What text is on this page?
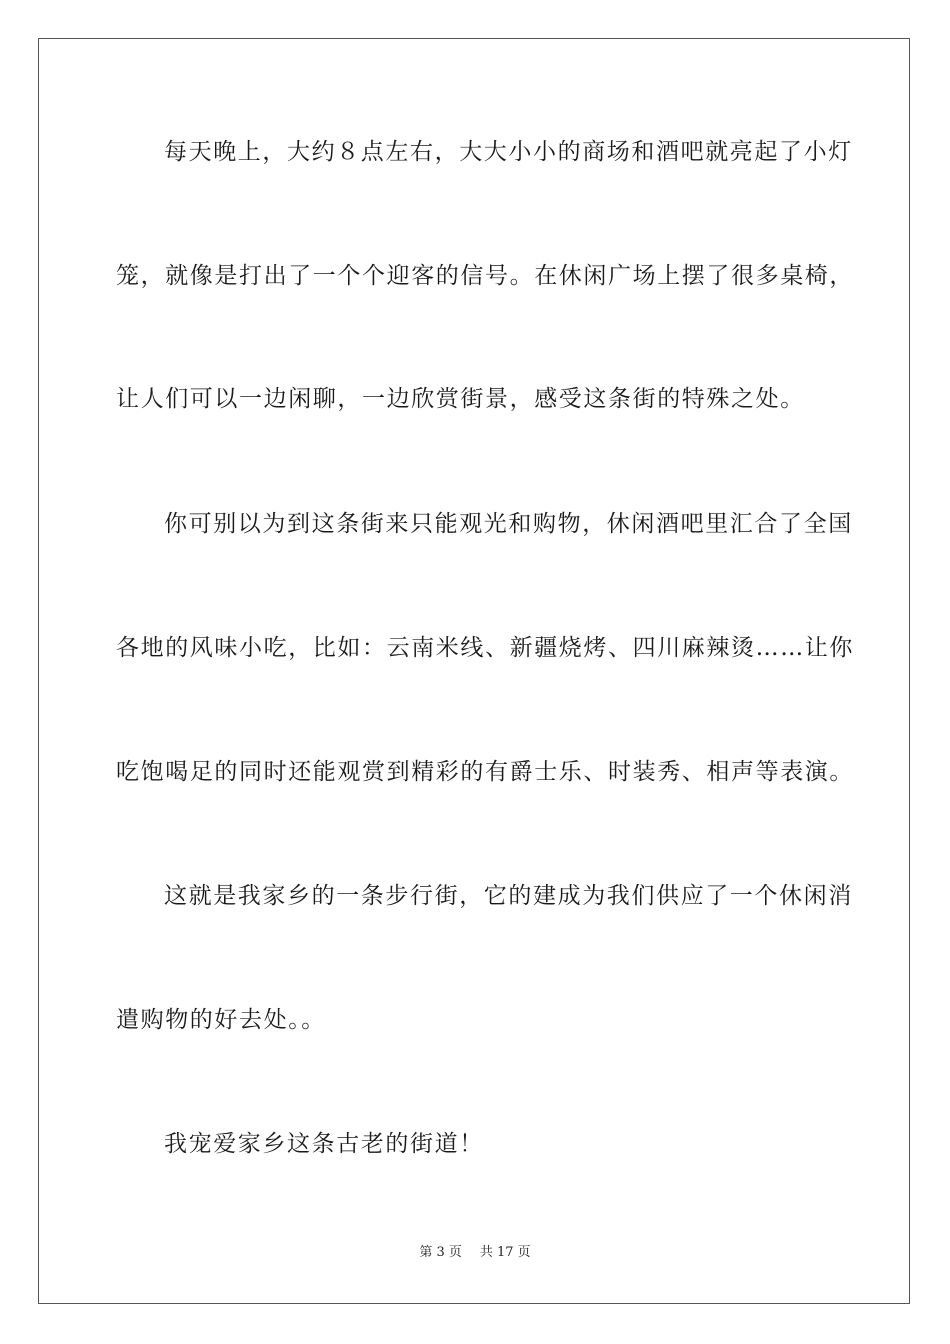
每天晚上，大约８点左右，大大小小的商场和酒吧就亮起了小灯
笼，就像是打出了一个个迎客的信号。在休闲广场上摆了很多桌椅，
让人们可以一边闲聊，一边欣赏街景，感受这条街的特殊之处。
你可别以为到这条街来只能观光和购物，休闲酒吧里汇合了全国
各地的风味小吃，比如：云南米线、新疆烧烤、四川麻辣烫……让你
吃饱喝足的同时还能观赏到精彩的有爵士乐、时装秀、相声等表演。
这就是我家乡的一条步行街，它的建成为我们供应了一个休闲消
遣购物的好去处。。
我宠爱家乡这条古老的街道！
第 3 页 共 17 页
